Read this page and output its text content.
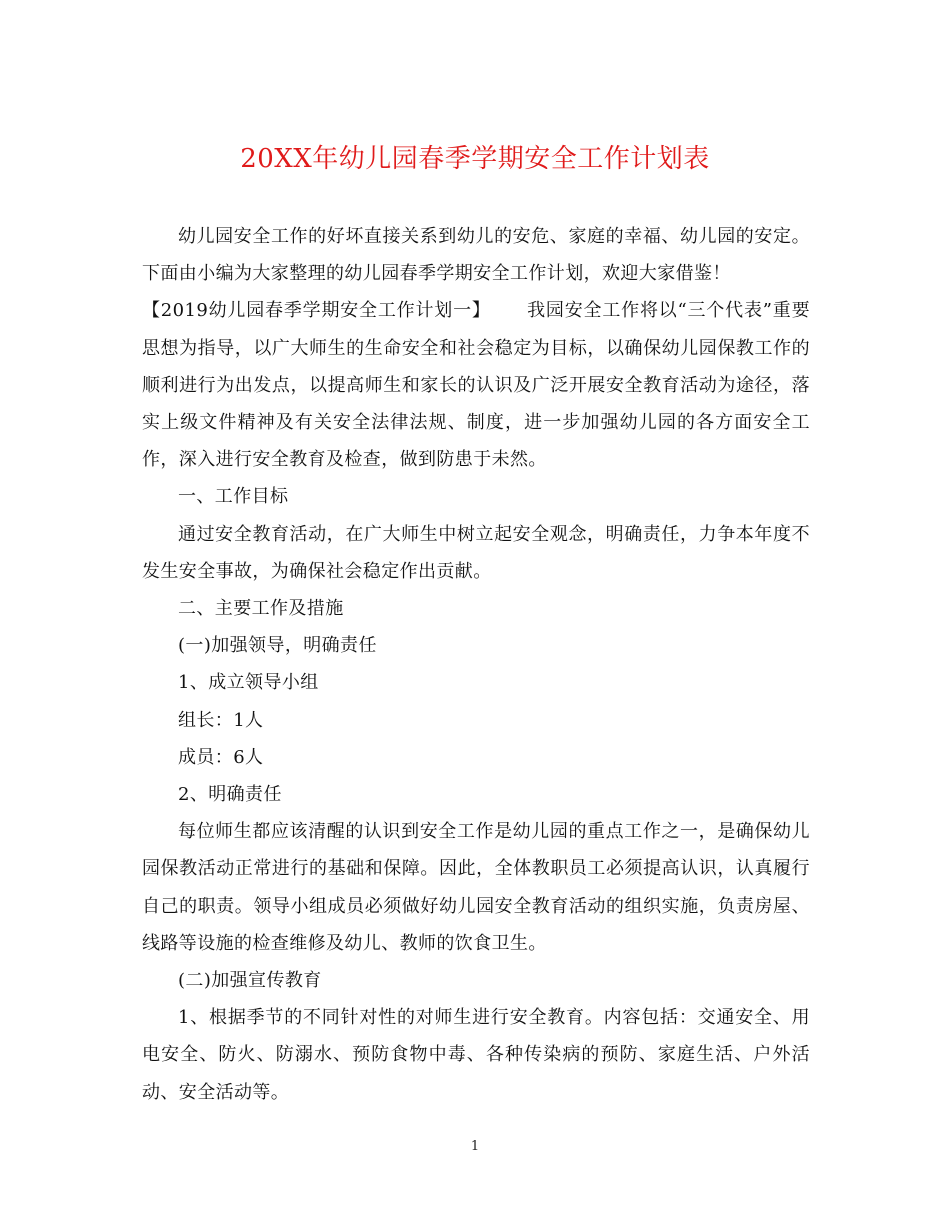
20XX年幼儿园春季学期安全工作计划表

幼儿园安全工作的好坏直接关系到幼儿的安危、家庭的幸福、幼儿园的安定。下面由小编为大家整理的幼儿园春季学期安全工作计划，欢迎大家借鉴！

【2019幼儿园春季学期安全工作计划一】 我园安全工作将以“三个代表”重要思想为指导，以广大师生的生命安全和社会稳定为目标，以确保幼儿园保教工作的顺利进行为出发点，以提高师生和家长的认识及广泛开展安全教育活动为途径，落实上级文件精神及有关安全法律法规、制度，进一步加强幼儿园的各方面安全工作，深入进行安全教育及检查，做到防患于未然。

一、工作目标

通过安全教育活动，在广大师生中树立起安全观念，明确责任，力争本年度不发生安全事故，为确保社会稳定作出贡献。

二、主要工作及措施

(一)加强领导，明确责任

1、成立领导小组

组长：1人

成员：6人

2、明确责任

每位师生都应该清醒的认识到安全工作是幼儿园的重点工作之一，是确保幼儿园保教活动正常进行的基础和保障。因此，全体教职员工必须提高认识，认真履行自己的职责。领导小组成员必须做好幼儿园安全教育活动的组织实施，负责房屋、线路等设施的检查维修及幼儿、教师的饮食卫生。

(二)加强宣传教育

1、根据季节的不同针对性的对师生进行安全教育。内容包括：交通安全、用电安全、防火、防溺水、预防食物中毒、各种传染病的预防、家庭生活、户外活动、安全活动等。

1
